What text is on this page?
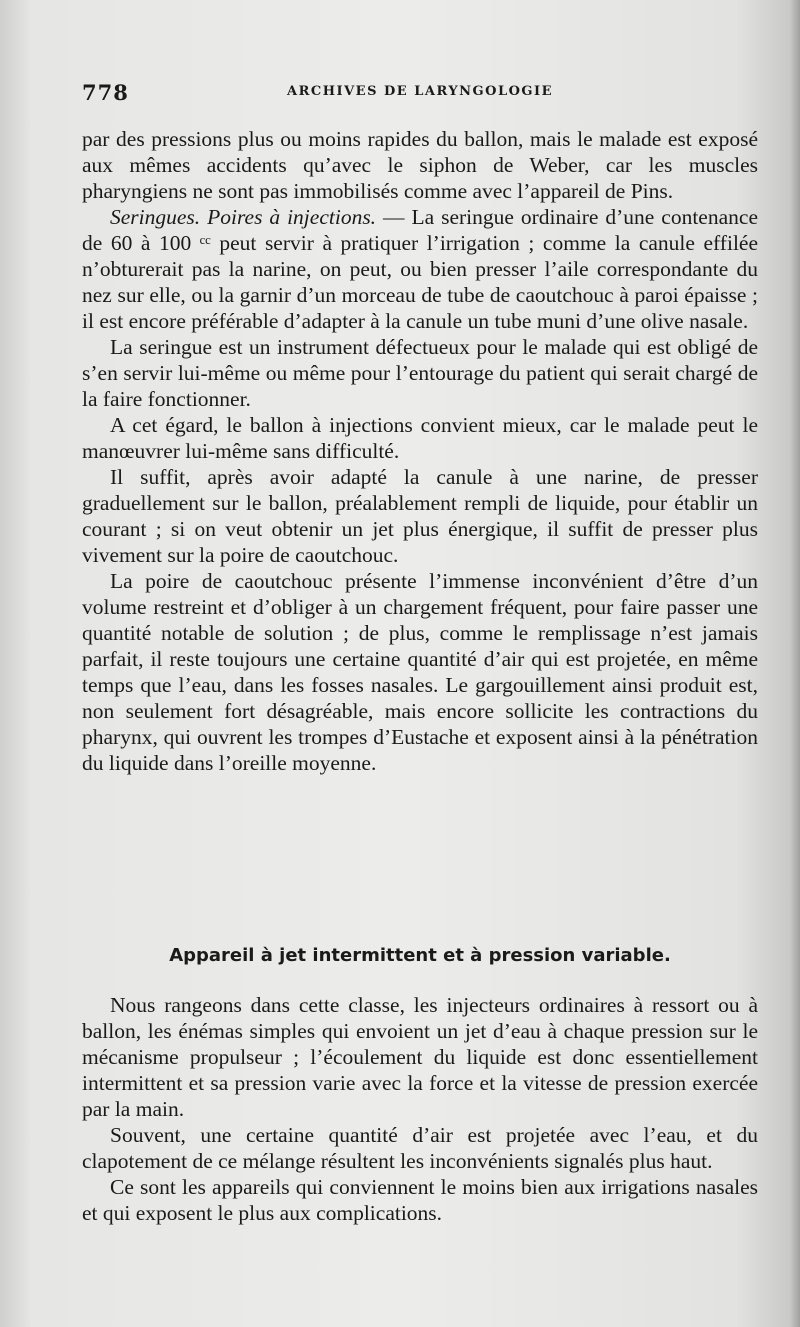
778	ARCHIVES DE LARYNGOLOGIE

par des pressions plus ou moins rapides du ballon, mais le malade est exposé aux mêmes accidents qu’avec le siphon de Weber, car les muscles pharyngiens ne sont pas immobilisés comme avec l’appareil de Pins.

Seringues. Poires à injections. — La seringue ordinaire d’une contenance de 60 à 100 ᶜᶜ peut servir à pratiquer l’irrigation ; comme la canule effilée n’obturerait pas la narine, on peut, ou bien presser l’aile correspondante du nez sur elle, ou la garnir d’un morceau de tube de caoutchouc à paroi épaisse ; il est encore préférable d’adapter à la canule un tube muni d’une olive nasale.

La seringue est un instrument défectueux pour le malade qui est obligé de s’en servir lui-même ou même pour l’entourage du patient qui serait chargé de la faire fonctionner.

A cet égard, le ballon à injections convient mieux, car le malade peut le manœuvrer lui-même sans difficulté.

Il suffit, après avoir adapté la canule à une narine, de presser graduellement sur le ballon, préalablement rempli de liquide, pour établir un courant ; si on veut obtenir un jet plus énergique, il suffit de presser plus vivement sur la poire de caoutchouc.

La poire de caoutchouc présente l’immense inconvénient d’être d’un volume restreint et d’obliger à un chargement fréquent, pour faire passer une quantité notable de solution ; de plus, comme le remplissage n’est jamais parfait, il reste toujours une certaine quantité d’air qui est projetée, en même temps que l’eau, dans les fosses nasales. Le gargouillement ainsi produit est, non seulement fort désagréable, mais encore sollicite les contractions du pharynx, qui ouvrent les trompes d’Eustache et exposent ainsi à la pénétration du liquide dans l’oreille moyenne.

Appareil à jet intermittent et à pression variable.

Nous rangeons dans cette classe, les injecteurs ordinaires à ressort ou à ballon, les énémas simples qui envoient un jet d’eau à chaque pression sur le mécanisme propulseur ; l’écoulement du liquide est donc essentiellement intermittent et sa pression varie avec la force et la vitesse de pression exercée par la main.

Souvent, une certaine quantité d’air est projetée avec l’eau, et du clapotement de ce mélange résultent les inconvénients signalés plus haut.

Ce sont les appareils qui conviennent le moins bien aux irrigations nasales et qui exposent le plus aux complications.
